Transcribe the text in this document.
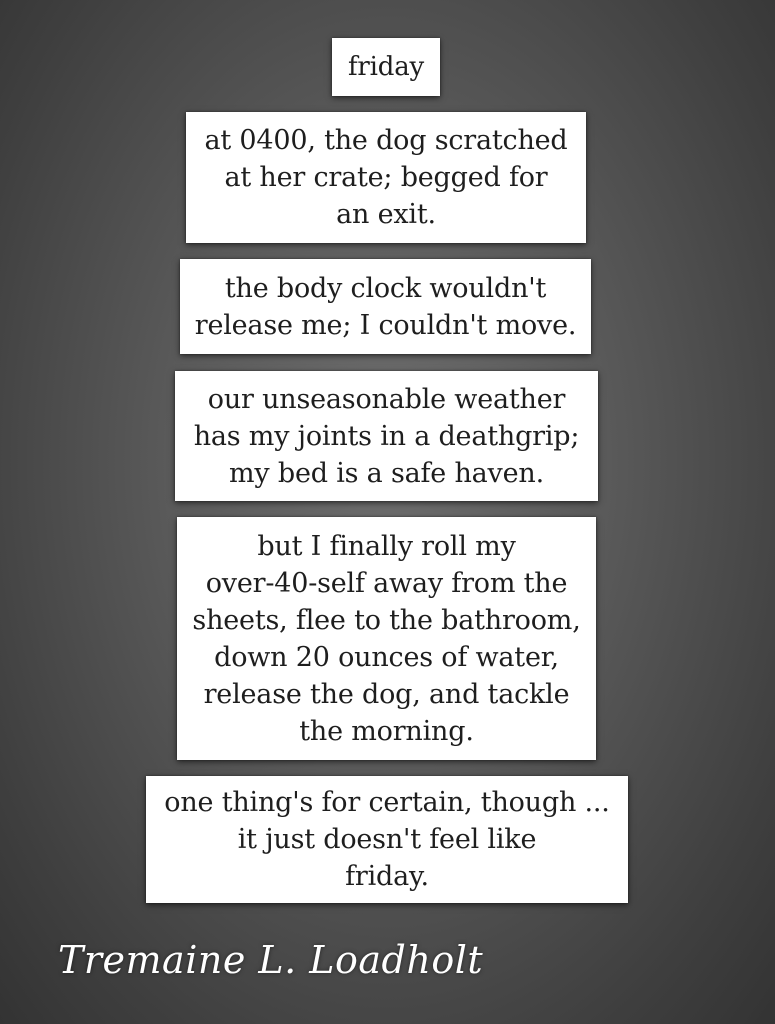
friday

at 0400, the dog scratched
at her crate; begged for
an exit.

the body clock wouldn't
release me; I couldn't move.

our unseasonable weather
has my joints in a deathgrip;
my bed is a safe haven.

but I finally roll my
over-40-self away from the
sheets, flee to the bathroom,
down 20 ounces of water,
release the dog, and tackle
the morning.

one thing's for certain, though ...
it just doesn't feel like
friday.

Tremaine L. Loadholt
